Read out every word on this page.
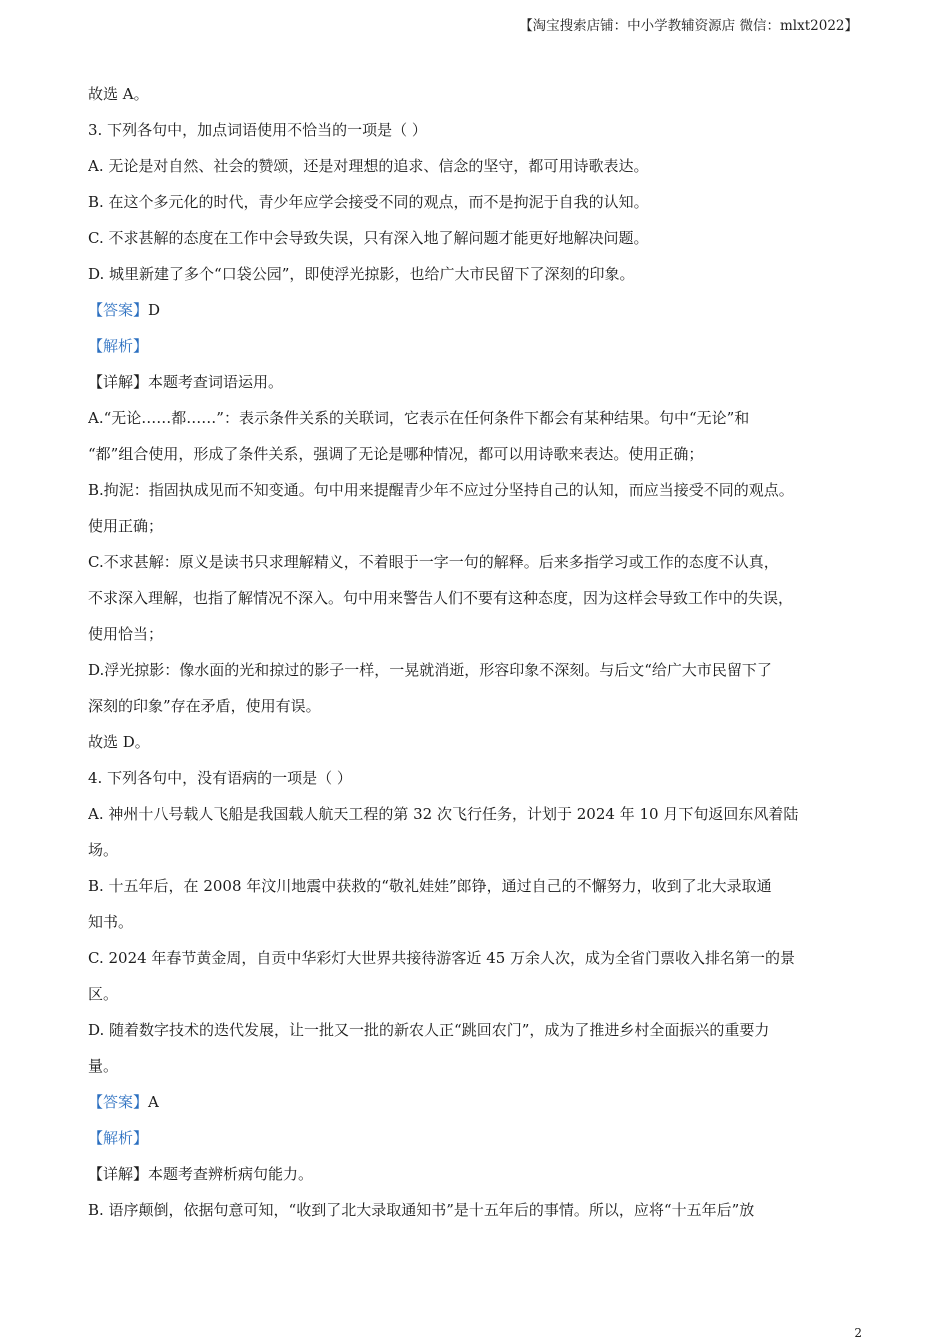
【淘宝搜索店铺：中小学教辅资源店 微信：mlxt2022】
故选 A。
3. 下列各句中，加点词语使用不恰当的一项是（ ）
A. 无论是对自然、社会的赞颂，还是对理想的追求、信念的坚守，都可用诗歌表达。
B. 在这个多元化的时代，青少年应学会接受不同的观点，而不是拘泥于自我的认知。
C. 不求甚解的态度在工作中会导致失误，只有深入地了解问题才能更好地解决问题。
D. 城里新建了多个“口袋公园”，即使浮光掠影，也给广大市民留下了深刻的印象。
【答案】D
【解析】
【详解】本题考查词语运用。
A.“无论……都……”：表示条件关系的关联词，它表示在任何条件下都会有某种结果。句中“无论”和
“都”组合使用，形成了条件关系，强调了无论是哪种情况，都可以用诗歌来表达。使用正确；
B.拘泥：指固执成见而不知变通。句中用来提醒青少年不应过分坚持自己的认知，而应当接受不同的观点。
使用正确；
C.不求甚解：原义是读书只求理解精义，不着眼于一字一句的解释。后来多指学习或工作的态度不认真，
不求深入理解，也指了解情况不深入。句中用来警告人们不要有这种态度，因为这样会导致工作中的失误，
使用恰当；
D.浮光掠影：像水面的光和掠过的影子一样，一晃就消逝，形容印象不深刻。与后文“给广大市民留下了
深刻的印象”存在矛盾，使用有误。
故选 D。
4. 下列各句中，没有语病的一项是（ ）
A. 神州十八号载人飞船是我国载人航天工程的第 32 次飞行任务，计划于 2024 年 10 月下旬返回东风着陆
场。
B. 十五年后，在 2008 年汶川地震中获救的“敬礼娃娃”郎铮，通过自己的不懈努力，收到了北大录取通
知书。
C. 2024 年春节黄金周，自贡中华彩灯大世界共接待游客近 45 万余人次，成为全省门票收入排名第一的景
区。
D. 随着数字技术的迭代发展，让一批又一批的新农人正“跳回农门”，成为了推进乡村全面振兴的重要力
量。
【答案】A
【解析】
【详解】本题考查辨析病句能力。
B. 语序颠倒，依据句意可知，“收到了北大录取通知书”是十五年后的事情。所以，应将“十五年后”放
2
